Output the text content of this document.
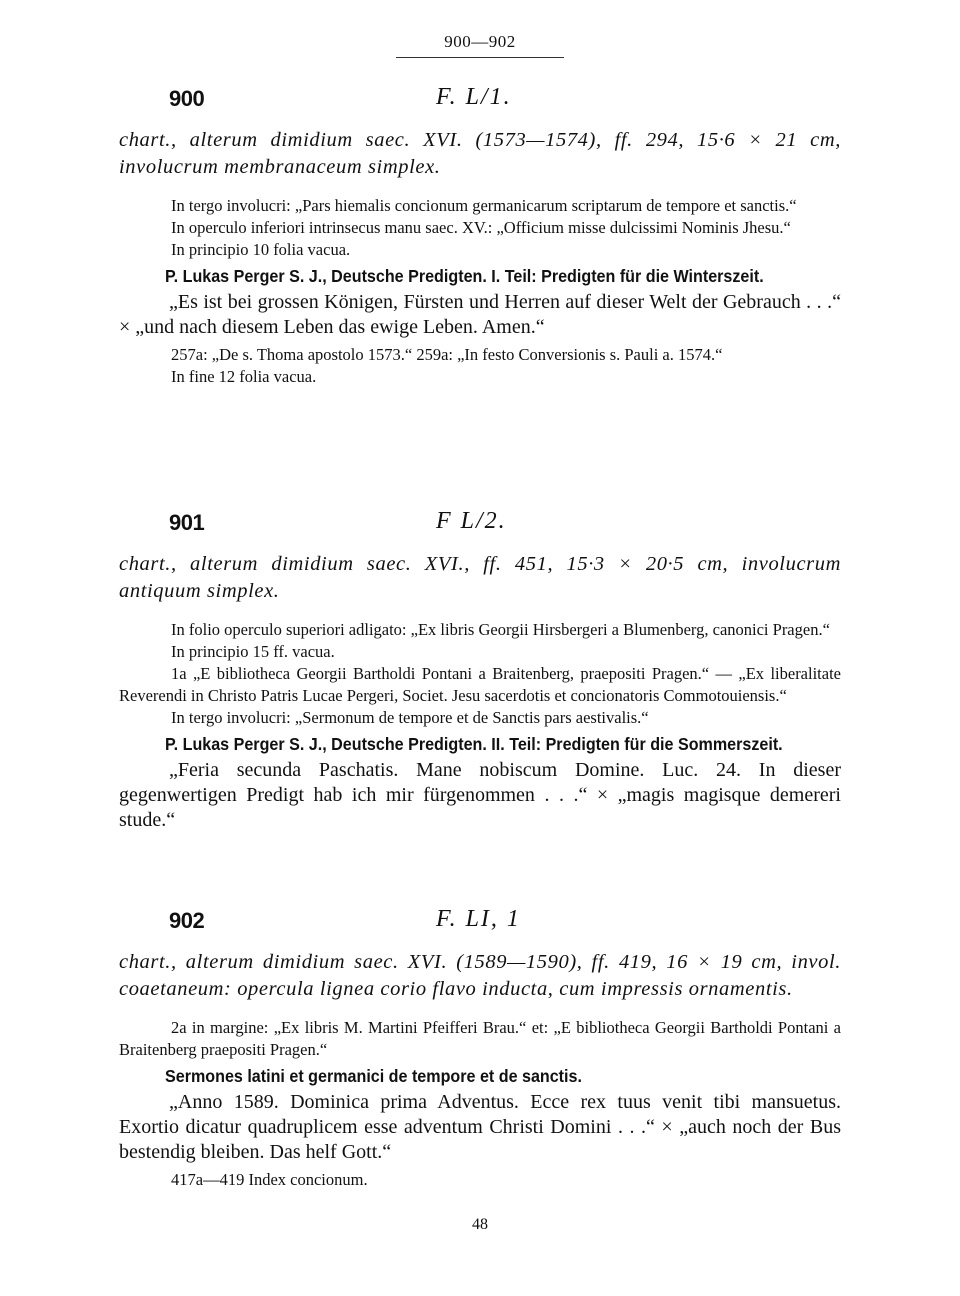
900—902
900	F. L/1.

chart., alterum dimidium saec. XVI. (1573—1574), ff. 294, 15·6 × 21 cm, involucrum membranaceum simplex.

In tergo involucri: „Pars hiemalis concionum germanicarum scriptarum de tempore et sanctis.“

In operculo inferiori intrinsecus manu saec. XV.: „Officium misse dulcissimi Nominis Jhesu.“

In principio 10 folia vacua.

P. Lukas Perger S. J., Deutsche Predigten. I. Teil: Predigten für die Winterszeit.

„Es ist bei grossen Königen, Fürsten und Herren auf dieser Welt der Gebrauch . . .“ × „und nach diesem Leben das ewige Leben. Amen.“

257a: „De s. Thoma apostolo 1573.“ 259a: „In festo Conversionis s. Pauli a. 1574.“

In fine 12 folia vacua.

901	F L/2.

chart., alterum dimidium saec. XVI., ff. 451, 15·3 × 20·5 cm, involucrum antiquum simplex.

In folio operculo superiori adligato: „Ex libris Georgii Hirsbergeri a Blumenberg, canonici Pragen.“

In principio 15 ff. vacua.

1a „E bibliotheca Georgii Bartholdi Pontani a Braitenberg, praepositi Pragen.“ — „Ex liberalitate Reverendi in Christo Patris Lucae Pergeri, Societ. Jesu sacerdotis et concionatoris Commotouiensis.“

In tergo involucri: „Sermonum de tempore et de Sanctis pars aestivalis.“

P. Lukas Perger S. J., Deutsche Predigten. II. Teil: Predigten für die Sommerszeit.

„Feria secunda Paschatis. Mane nobiscum Domine. Luc. 24. In dieser gegenwertigen Predigt hab ich mir fürgenommen . . .“ × „magis magisque demereri stude.“

902	F. LI, 1

chart., alterum dimidium saec. XVI. (1589—1590), ff. 419, 16 × 19 cm, invol. coaetaneum: opercula lignea corio flavo inducta, cum impressis ornamentis.

2a in margine: „Ex libris M. Martini Pfeifferi Brau.“ et: „E bibliotheca Georgii Bartholdi Pontani a Braitenberg praepositi Pragen.“

Sermones latini et germanici de tempore et de sanctis.

„Anno 1589. Dominica prima Adventus. Ecce rex tuus venit tibi mansuetus. Exortio dicatur quadruplicem esse adventum Christi Domini . . .“ × „auch noch der Bus bestendig bleiben. Das helf Gott.“

417a—419 Index concionum.

48
